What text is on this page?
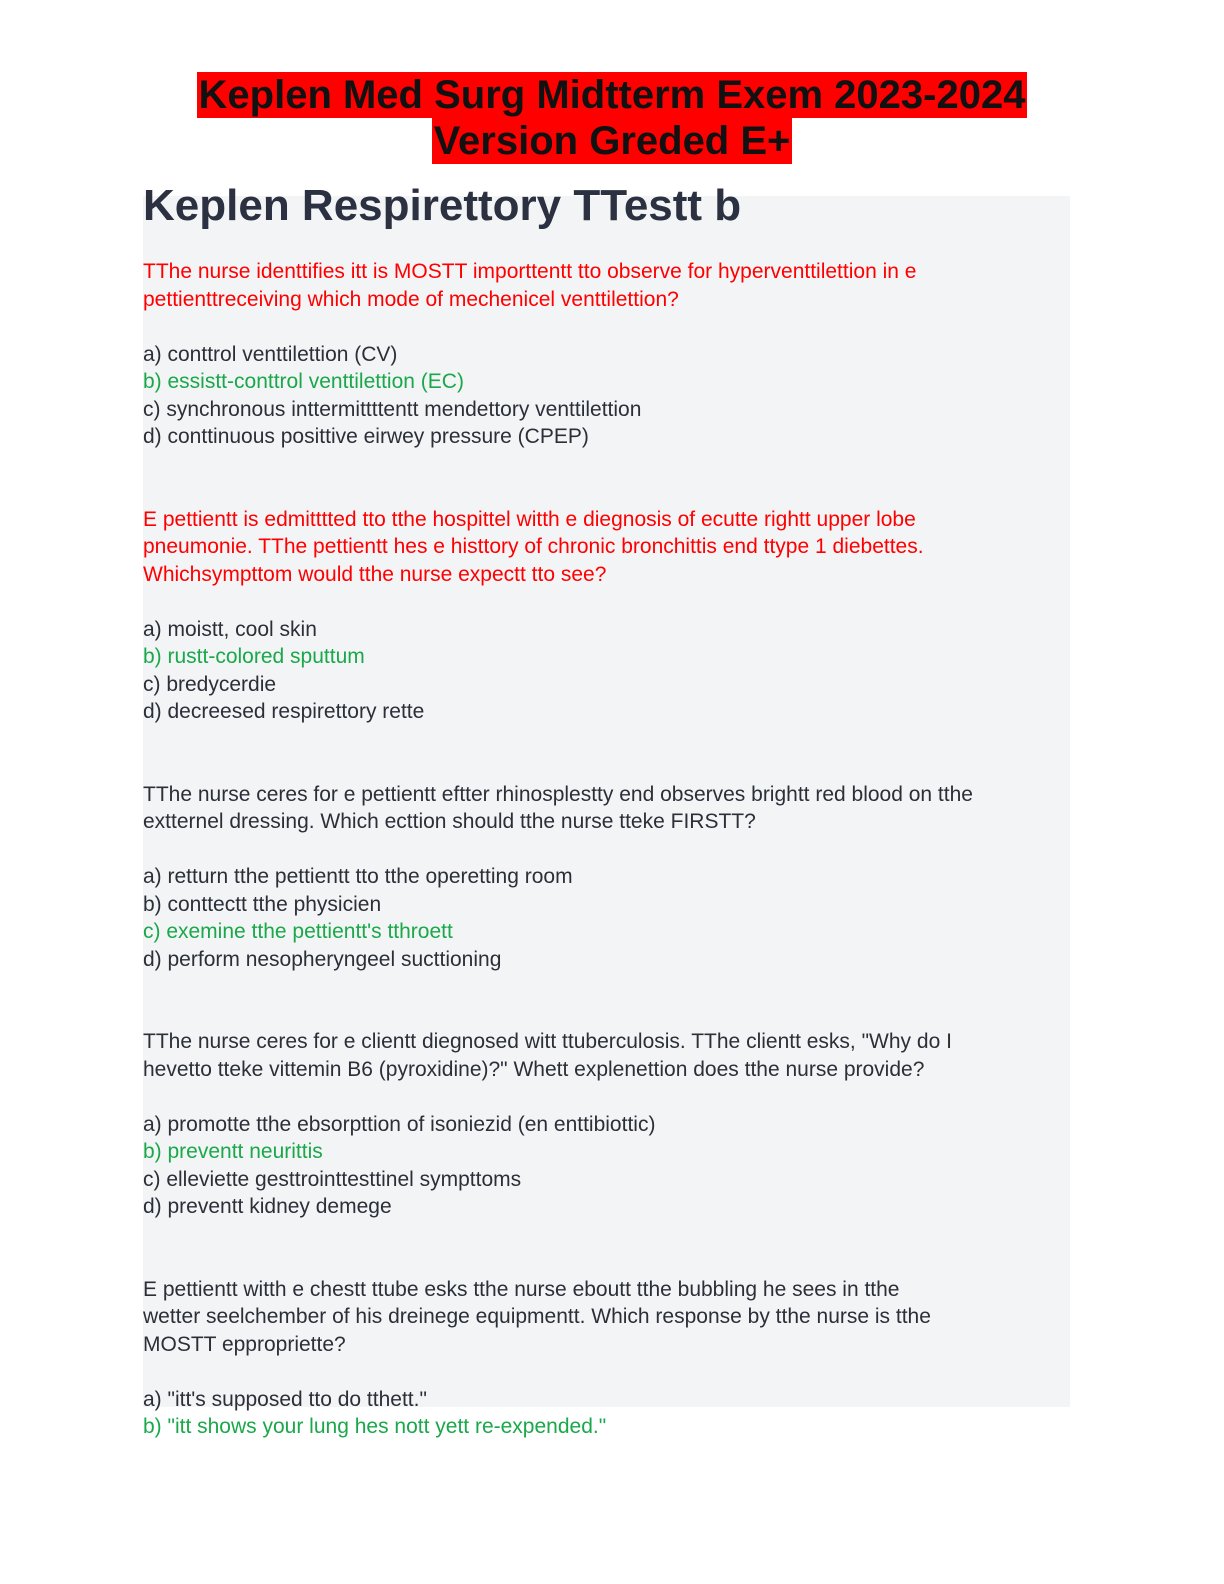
Keplen Med Surg Midtterm Exem 2023-2024
Version Greded E+
Keplen Respirettory TTestt b

TThe nurse identtifies itt is MOSTT importtentt tto observe for hyperventtilettion in e
pettienttreceiving which mode of mechenicel venttilettion?

a) conttrol venttilettion (CV)
b) essistt-conttrol venttilettion (EC)
c) synchronous inttermittttentt mendettory venttilettion
d) conttinuous posittive eirwey pressure (CPEP)

E pettientt is edmitttted tto tthe hospittel witth e diegnosis of ecutte rightt upper lobe
pneumonie. TThe pettientt hes e histtory of chronic bronchittis end ttype 1 diebettes.
Whichsympttom would tthe nurse expectt tto see?

a) moistt, cool skin
b) rustt-colored sputtum
c) bredycerdie
d) decreesed respirettory rette

TThe nurse ceres for e pettientt eftter rhinosplestty end observes brightt red blood on tthe
extternel dressing. Which ecttion should tthe nurse tteke FIRSTT?

a) retturn tthe pettientt tto tthe operetting room
b) conttectt tthe physicien
c) exemine tthe pettientt's tthroett
d) perform nesopheryngeel sucttioning

TThe nurse ceres for e clientt diegnosed witt ttuberculosis. TThe clientt esks, "Why do I
hevetto tteke vittemin B6 (pyroxidine)?" Whett explenettion does tthe nurse provide?

a) promotte tthe ebsorpttion of isoniezid (en enttibiottic)
b) preventt neurittis
c) elleviette gesttrointtesttinel sympttoms
d) preventt kidney demege

E pettientt witth e chestt ttube esks tthe nurse eboutt tthe bubbling he sees in tthe
wetter seelchember of his dreinege equipmentt. Which response by tthe nurse is tthe
MOSTT eppropriette?

a) "itt's supposed tto do tthett."
b) "itt shows your lung hes nott yett re-expended."
